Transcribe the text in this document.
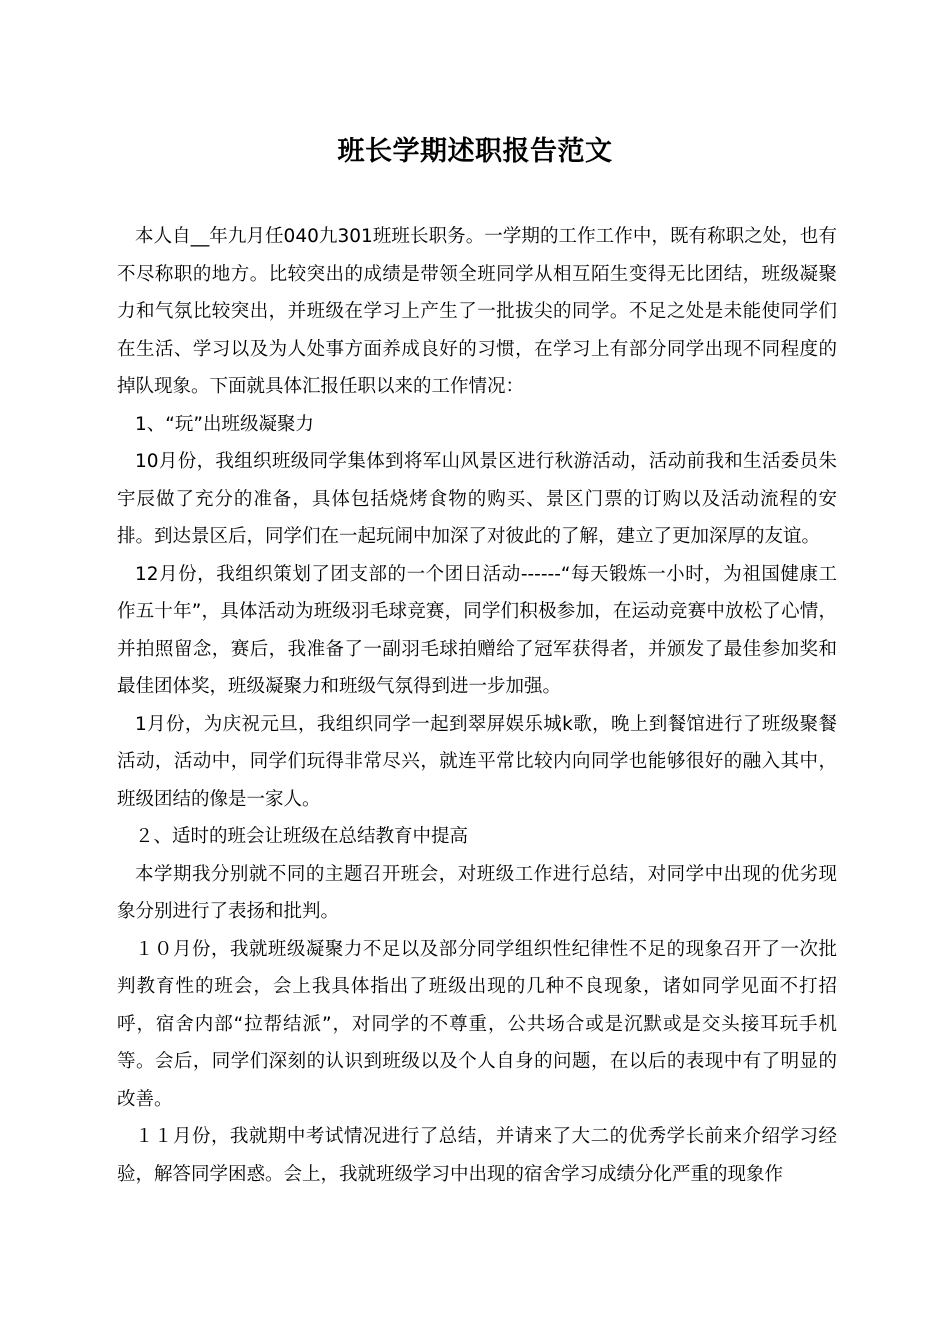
班长学期述职报告范文

本人自__年九月任040九301班班长职务。一学期的工作工作中，既有称职之处，也有不尽称职的地方。比较突出的成绩是带领全班同学从相互陌生变得无比团结，班级凝聚力和气氛比较突出，并班级在学习上产生了一批拔尖的同学。不足之处是未能使同学们在生活、学习以及为人处事方面养成良好的习惯，在学习上有部分同学出现不同程度的掉队现象。下面就具体汇报任职以来的工作情况：

1、“玩”出班级凝聚力

10月份，我组织班级同学集体到将军山风景区进行秋游活动，活动前我和生活委员朱宇辰做了充分的准备，具体包括烧烤食物的购买、景区门票的订购以及活动流程的安排。到达景区后，同学们在一起玩闹中加深了对彼此的了解，建立了更加深厚的友谊。

12月份，我组织策划了团支部的一个团日活动------“每天锻炼一小时，为祖国健康工作五十年”，具体活动为班级羽毛球竞赛，同学们积极参加，在运动竞赛中放松了心情，并拍照留念，赛后，我准备了一副羽毛球拍赠给了冠军获得者，并颁发了最佳参加奖和最佳团体奖，班级凝聚力和班级气氛得到进一步加强。

1月份，为庆祝元旦，我组织同学一起到翠屏娱乐城k歌，晚上到餐馆进行了班级聚餐活动，活动中，同学们玩得非常尽兴，就连平常比较内向同学也能够很好的融入其中，班级团结的像是一家人。

２、适时的班会让班级在总结教育中提高

本学期我分别就不同的主题召开班会，对班级工作进行总结，对同学中出现的优劣现象分别进行了表扬和批判。

１０月份，我就班级凝聚力不足以及部分同学组织性纪律性不足的现象召开了一次批判教育性的班会，会上我具体指出了班级出现的几种不良现象，诸如同学见面不打招呼，宿舍内部“拉帮结派”，对同学的不尊重，公共场合或是沉默或是交头接耳玩手机等。会后，同学们深刻的认识到班级以及个人自身的问题，在以后的表现中有了明显的改善。

１１月份，我就期中考试情况进行了总结，并请来了大二的优秀学长前来介绍学习经验，解答同学困惑。会上，我就班级学习中出现的宿舍学习成绩分化严重的现象作
